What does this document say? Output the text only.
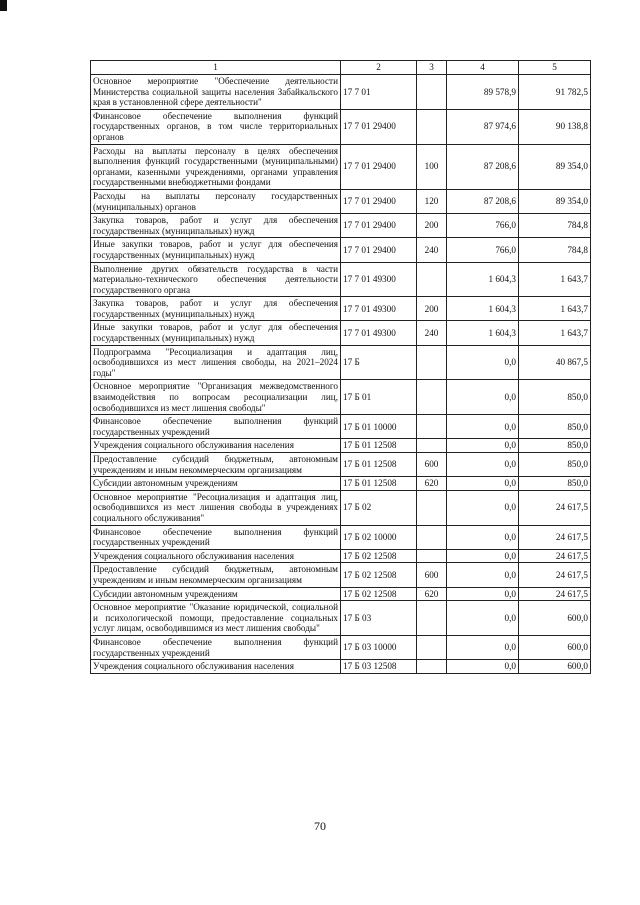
1	2	3	4	5
Основное мероприятие "Обеспечение деятельности Министерства социальной защиты населения Забайкальского края в установленной сфере деятельности"	17 7 01		89 578,9	91 782,5
Финансовое обеспечение выполнения функций государственных органов, в том числе территориальных органов	17 7 01 29400		87 974,6	90 138,8
Расходы на выплаты персоналу в целях обеспечения выполнения функций государственными (муниципальными) органами, казенными учреждениями, органами управления государственными внебюджетными фондами	17 7 01 29400	100	87 208,6	89 354,0
Расходы на выплаты персоналу государственных (муниципальных) органов	17 7 01 29400	120	87 208,6	89 354,0
Закупка товаров, работ и услуг для обеспечения государственных (муниципальных) нужд	17 7 01 29400	200	766,0	784,8
Иные закупки товаров, работ и услуг для обеспечения государственных (муниципальных) нужд	17 7 01 29400	240	766,0	784,8
Выполнение других обязательств государства в части материально-технического обеспечения деятельности государственного органа	17 7 01 49300		1 604,3	1 643,7
Закупка товаров, работ и услуг для обеспечения государственных (муниципальных) нужд	17 7 01 49300	200	1 604,3	1 643,7
Иные закупки товаров, работ и услуг для обеспечения государственных (муниципальных) нужд	17 7 01 49300	240	1 604,3	1 643,7
Подпрограмма "Ресоциализация и адаптация лиц, освободившихся из мест лишения свободы, на 2021–2024 годы"	17 Б		0,0	40 867,5
Основное мероприятие "Организация межведомственного взаимодействия по вопросам ресоциализации лиц, освободившихся из мест лишения свободы"	17 Б 01		0,0	850,0
Финансовое обеспечение выполнения функций государственных учреждений	17 Б 01 10000		0,0	850,0
Учреждения социального обслуживания населения	17 Б 01 12508		0,0	850,0
Предоставление субсидий бюджетным, автономным учреждениям и иным некоммерческим организациям	17 Б 01 12508	600	0,0	850,0
Субсидии автономным учреждениям	17 Б 01 12508	620	0,0	850,0
Основное мероприятие "Ресоциализация и адаптация лиц, освободившихся из мест лишения свободы в учреждениях социального обслуживания"	17 Б 02		0,0	24 617,5
Финансовое обеспечение выполнения функций государственных учреждений	17 Б 02 10000		0,0	24 617,5
Учреждения социального обслуживания населения	17 Б 02 12508		0,0	24 617,5
Предоставление субсидий бюджетным, автономным учреждениям и иным некоммерческим организациям	17 Б 02 12508	600	0,0	24 617,5
Субсидии автономным учреждениям	17 Б 02 12508	620	0,0	24 617,5
Основное мероприятие "Оказание юридической, социальной и психологической помощи, предоставление социальных услуг лицам, освободившимся из мест лишения свободы"	17 Б 03		0,0	600,0
Финансовое обеспечение выполнения функций государственных учреждений	17 Б 03 10000		0,0	600,0
Учреждения социального обслуживания населения	17 Б 03 12508		0,0	600,0
70
